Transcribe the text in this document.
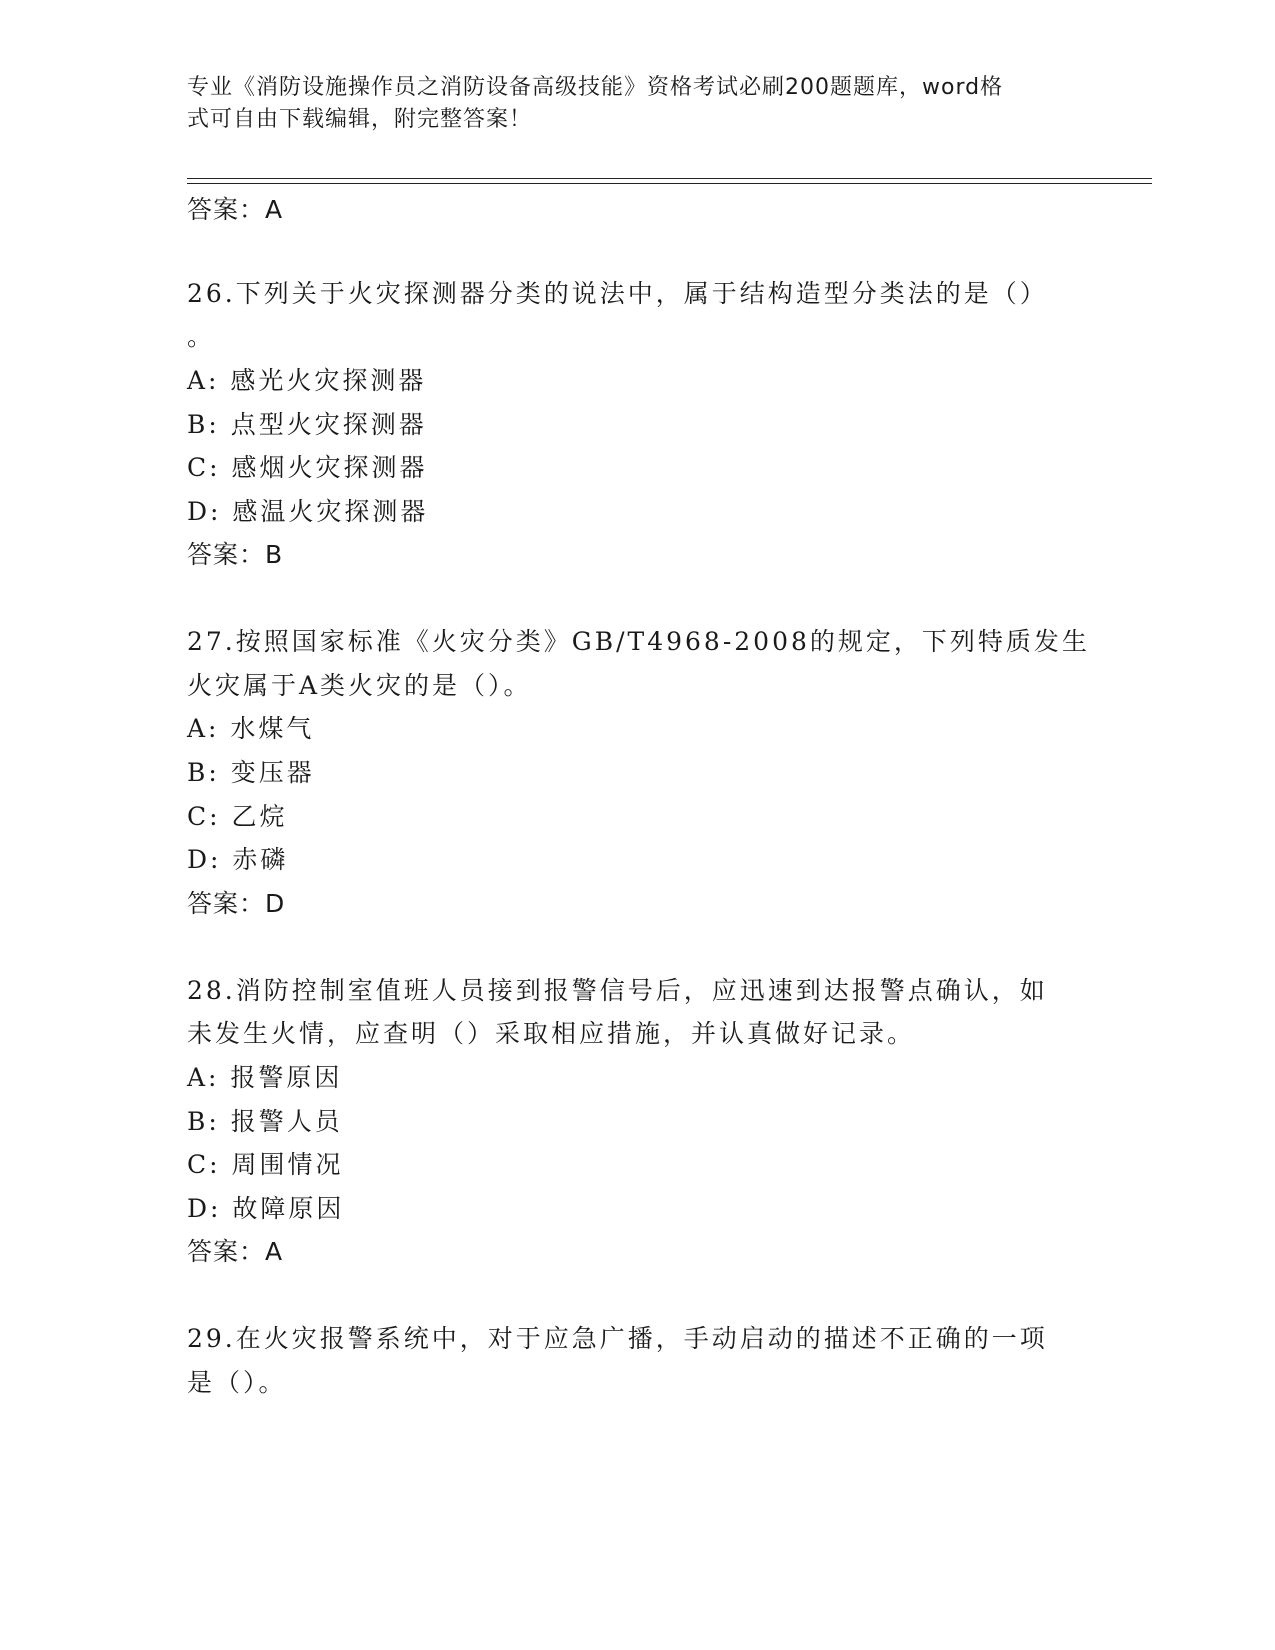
专业《消防设施操作员之消防设备高级技能》资格考试必刷200题题库，word格
式可自由下载编辑，附完整答案！
答案：A
26.下列关于火灾探测器分类的说法中，属于结构造型分类法的是（）
。
A: 感光火灾探测器
B: 点型火灾探测器
C: 感烟火灾探测器
D: 感温火灾探测器
答案：B
27.按照国家标准《火灾分类》GB/T4968-2008的规定，下列特质发生
火灾属于A类火灾的是（）。
A: 水煤气
B: 变压器
C: 乙烷
D: 赤磷
答案：D
28.消防控制室值班人员接到报警信号后，应迅速到达报警点确认，如
未发生火情，应查明（）采取相应措施，并认真做好记录。
A: 报警原因
B: 报警人员
C: 周围情况
D: 故障原因
答案：A
29.在火灾报警系统中，对于应急广播，手动启动的描述不正确的一项
是（）。
